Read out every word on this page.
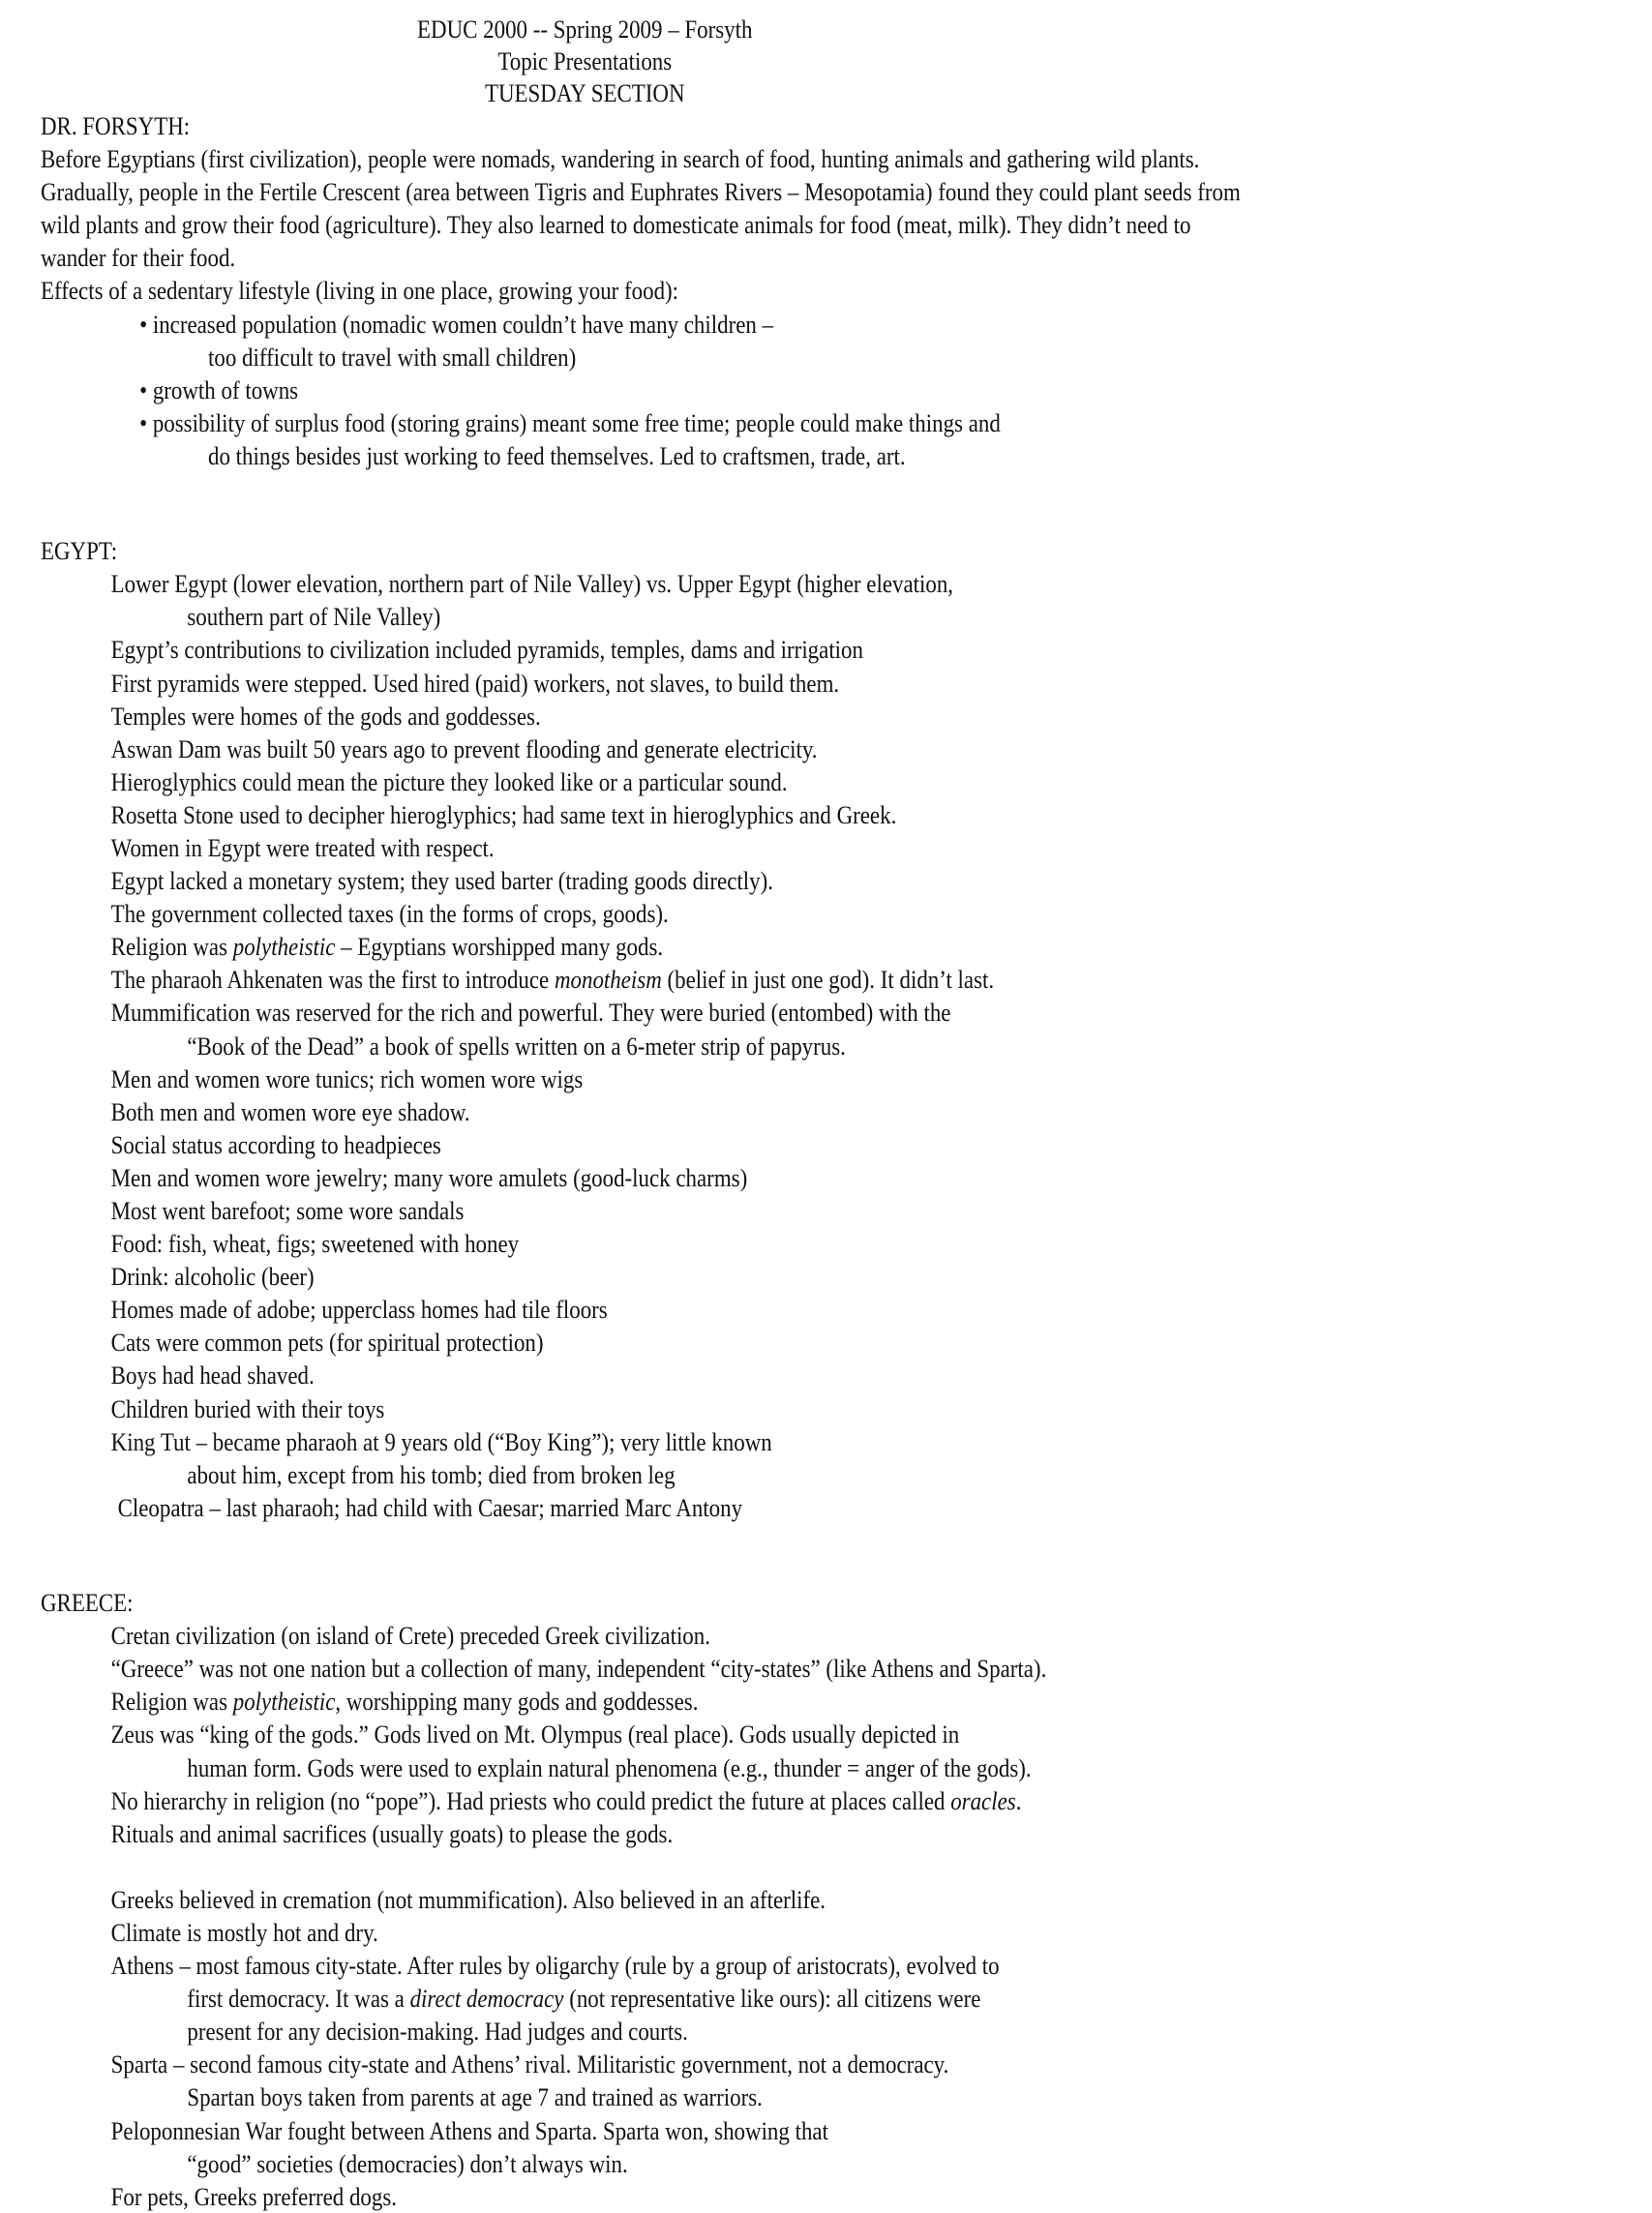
EDUC 2000 -- Spring 2009 – Forsyth
Topic Presentations
TUESDAY SECTION
DR. FORSYTH:
Before Egyptians (first civilization), people were nomads, wandering in search of food, hunting animals and gathering wild plants.
Gradually, people in the Fertile Crescent (area between Tigris and Euphrates Rivers – Mesopotamia) found they could plant seeds from
wild plants and grow their food (agriculture). They also learned to domesticate animals for food (meat, milk). They didn’t need to
wander for their food.
Effects of a sedentary lifestyle (living in one place, growing your food):
• increased population (nomadic women couldn’t have many children –
too difficult to travel with small children)
• growth of towns
• possibility of surplus food (storing grains) meant some free time; people could make things and
do things besides just working to feed themselves. Led to craftsmen, trade, art.
EGYPT:
Lower Egypt (lower elevation, northern part of Nile Valley) vs. Upper Egypt (higher elevation,
southern part of Nile Valley)
Egypt’s contributions to civilization included pyramids, temples, dams and irrigation
First pyramids were stepped. Used hired (paid) workers, not slaves, to build them.
Temples were homes of the gods and goddesses.
Aswan Dam was built 50 years ago to prevent flooding and generate electricity.
Hieroglyphics could mean the picture they looked like or a particular sound.
Rosetta Stone used to decipher hieroglyphics; had same text in hieroglyphics and Greek.
Women in Egypt were treated with respect.
Egypt lacked a monetary system; they used barter (trading goods directly).
The government collected taxes (in the forms of crops, goods).
Religion was polytheistic – Egyptians worshipped many gods.
The pharaoh Ahkenaten was the first to introduce monotheism (belief in just one god). It didn’t last.
Mummification was reserved for the rich and powerful. They were buried (entombed) with the
“Book of the Dead” a book of spells written on a 6-meter strip of papyrus.
Men and women wore tunics; rich women wore wigs
Both men and women wore eye shadow.
Social status according to headpieces
Men and women wore jewelry; many wore amulets (good-luck charms)
Most went barefoot; some wore sandals
Food: fish, wheat, figs; sweetened with honey
Drink: alcoholic (beer)
Homes made of adobe; upperclass homes had tile floors
Cats were common pets (for spiritual protection)
Boys had head shaved.
Children buried with their toys
King Tut – became pharaoh at 9 years old (“Boy King”); very little known
about him, except from his tomb; died from broken leg
Cleopatra – last pharaoh; had child with Caesar; married Marc Antony
GREECE:
Cretan civilization (on island of Crete) preceded Greek civilization.
“Greece” was not one nation but a collection of many, independent “city-states” (like Athens and Sparta).
Religion was polytheistic, worshipping many gods and goddesses.
Zeus was “king of the gods.” Gods lived on Mt. Olympus (real place). Gods usually depicted in
human form. Gods were used to explain natural phenomena (e.g., thunder = anger of the gods).
No hierarchy in religion (no “pope”). Had priests who could predict the future at places called oracles.
Rituals and animal sacrifices (usually goats) to please the gods.
Greeks believed in cremation (not mummification). Also believed in an afterlife.
Climate is mostly hot and dry.
Athens – most famous city-state. After rules by oligarchy (rule by a group of aristocrats), evolved to
first democracy. It was a direct democracy (not representative like ours): all citizens were
present for any decision-making. Had judges and courts.
Sparta – second famous city-state and Athens’ rival. Militaristic government, not a democracy.
Spartan boys taken from parents at age 7 and trained as warriors.
Peloponnesian War fought between Athens and Sparta. Sparta won, showing that
“good” societies (democracies) don’t always win.
For pets, Greeks preferred dogs.
